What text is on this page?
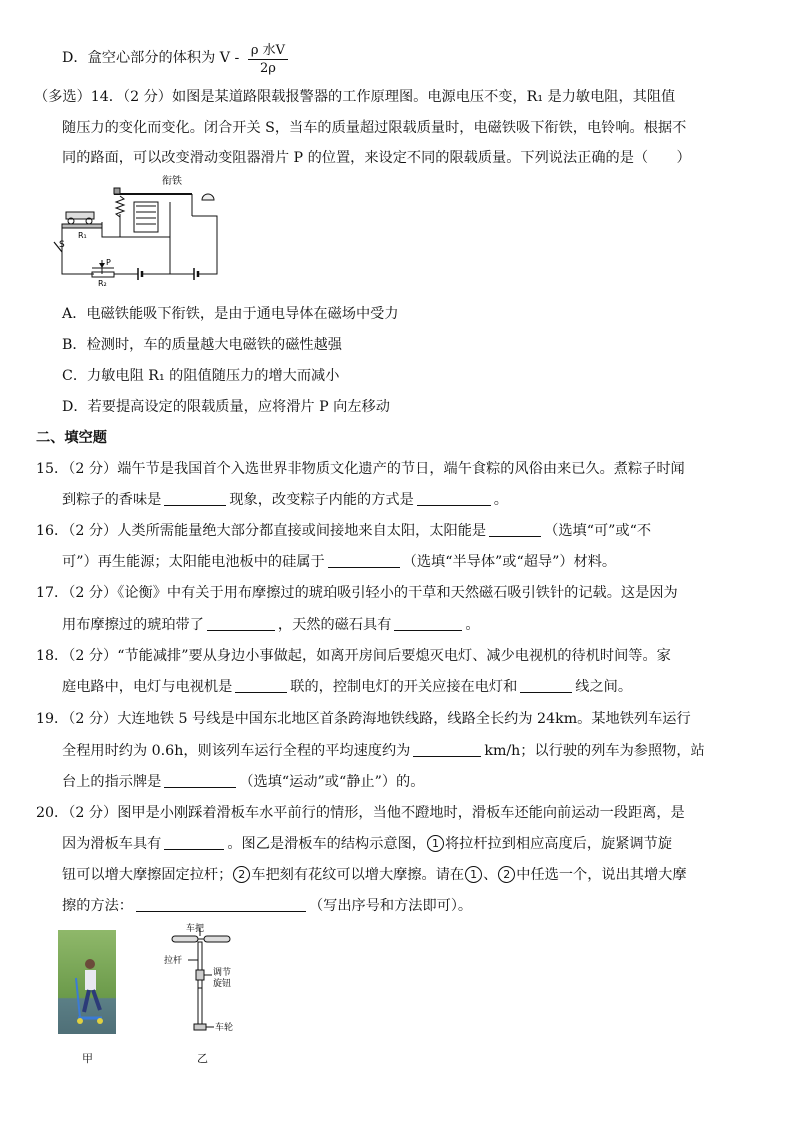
D．盒空心部分的体积为 V - $\frac{\text{ρ 水V}}{2\rho}$
（多选）14．（2 分）如图是某道路限载报警器的工作原理图。电源电压不变，R₁ 是力敏电阻，其阻值
随压力的变化而变化。闭合开关 S，当车的质量超过限载质量时，电磁铁吸下衔铁，电铃响。根据不
同的路面，可以改变滑动变阻器滑片 P 的位置，来设定不同的限载质量。下列说法正确的是（　　）
衔铁
S
R₁
P
R₂
A．电磁铁能吸下衔铁，是由于通电导体在磁场中受力
B．检测时，车的质量越大电磁铁的磁性越强
C．力敏电阻 R₁ 的阻值随压力的增大而减小
D．若要提高设定的限载质量，应将滑片 P 向左移动
二、填空题
15．（2 分）端午节是我国首个入选世界非物质文化遗产的节日，端午食粽的风俗由来已久。煮粽子时闻
到粽子的香味是	现象，改变粽子内能的方式是	。
16．（2 分）人类所需能量绝大部分都直接或间接地来自太阳，太阳能是	（选填“可”或“不
可”）再生能源；太阳能电池板中的硅属于	（选填“半导体”或“超导”）材料。
17．（2 分）《论衡》中有关于用布摩擦过的琥珀吸引轻小的干草和天然磁石吸引铁针的记载。这是因为
用布摩擦过的琥珀带了	，天然的磁石具有	。
18．（2 分）“节能减排”要从身边小事做起，如离开房间后要熄灭电灯、减少电视机的待机时间等。家
庭电路中，电灯与电视机是	联的，控制电灯的开关应接在电灯和	线之间。
19．（2 分）大连地铁 5 号线是中国东北地区首条跨海地铁线路，线路全长约为 24km。某地铁列车运行
全程用时约为 0.6h，则该列车运行全程的平均速度约为	km/h；以行驶的列车为参照物，站
台上的指示牌是	（选填“运动”或“静止”）的。
20．（2 分）图甲是小刚踩着滑板车水平前行的情形，当他不蹬地时，滑板车还能向前运动一段距离，是
因为滑板车具有	。图乙是滑板车的结构示意图， 1 将拉杆拉到相应高度后，旋紧调节旋
钮可以增大摩擦固定拉杆； 2 车把刻有花纹可以增大摩擦。请在 1 、 2 中任选一个，说出其增大摩
擦的方法：	（写出序号和方法即可）。
甲
车把
拉杆
调节
旋钮
车轮
乙
